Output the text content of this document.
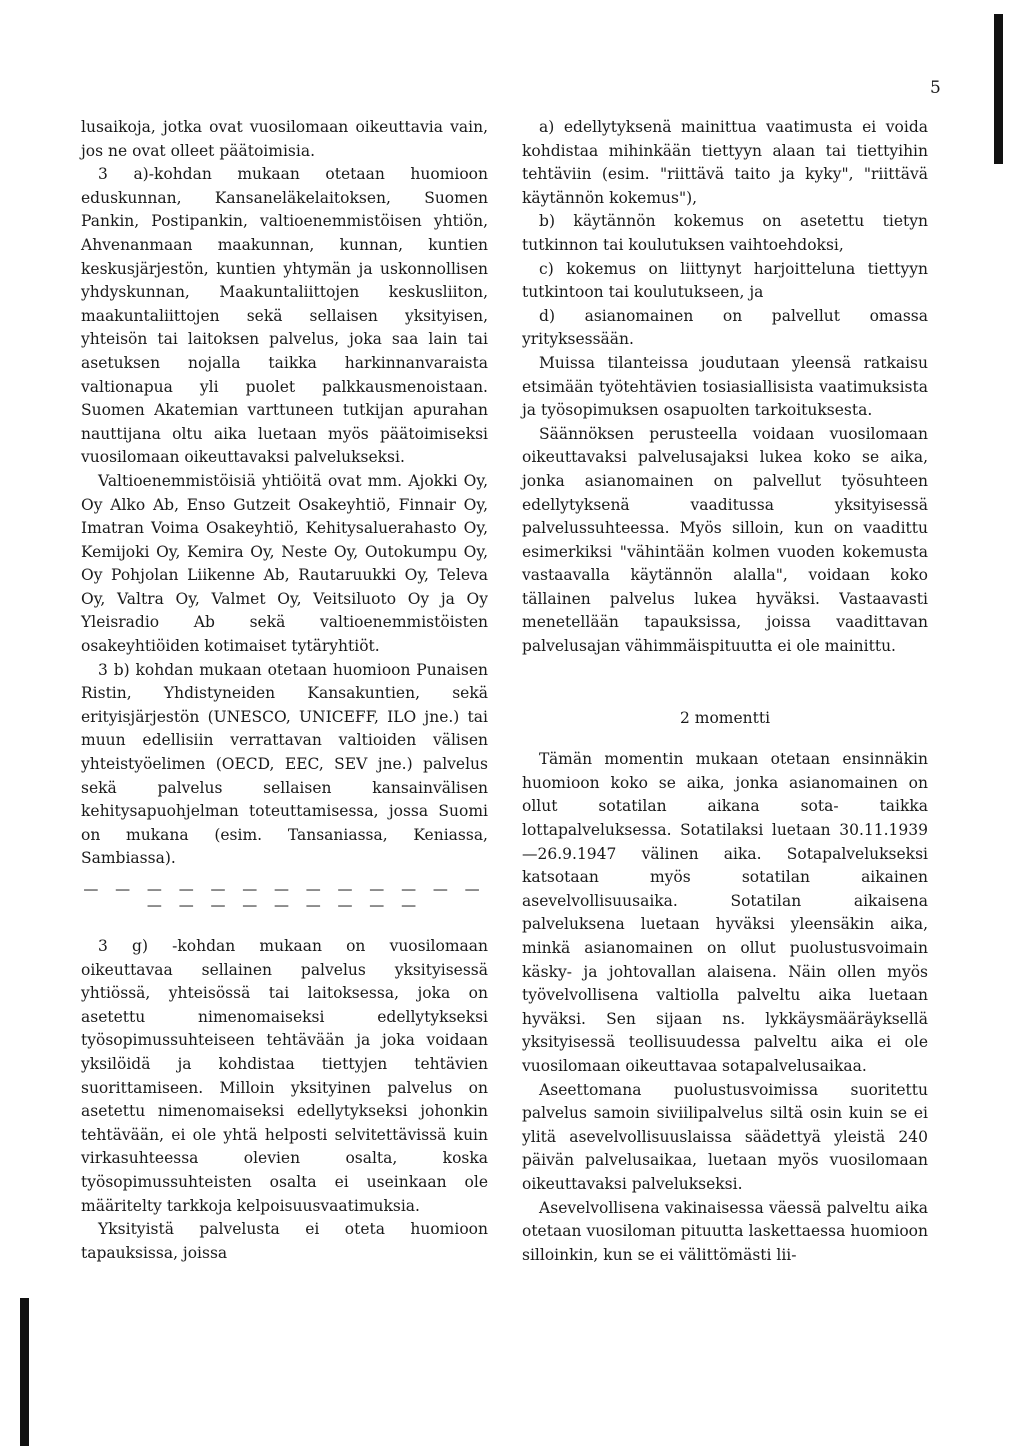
5

lusaikoja, jotka ovat vuosilomaan oikeuttavia vain, jos ne ovat olleet päätoimisia.

3 a)-kohdan mukaan otetaan huomioon eduskunnan, Kansaneläkelaitoksen, Suomen Pankin, Postipankin, valtioenemmistöisen yhtiön, Ahvenanmaan maakunnan, kunnan, kuntien keskusjärjestön, kuntien yhtymän ja uskonnollisen yhdyskunnan, Maakuntaliittojen keskusliiton, maakuntaliittojen sekä sellaisen yksityisen, yhteisön tai laitoksen palvelus, joka saa lain tai asetuksen nojalla taikka harkinnanvaraista valtionapua yli puolet palkkausmenoistaan. Suomen Akatemian varttuneen tutkijan apurahan nauttijana oltu aika luetaan myös päätoimiseksi vuosilomaan oikeuttavaksi palvelukseksi.

Valtioenemmistöisiä yhtiöitä ovat mm. Ajokki Oy, Oy Alko Ab, Enso Gutzeit Osakeyhtiö, Finnair Oy, Imatran Voima Osakeyhtiö, Kehitysaluerahasto Oy, Kemijoki Oy, Kemira Oy, Neste Oy, Outokumpu Oy, Oy Pohjolan Liikenne Ab, Rautaruukki Oy, Televa Oy, Valtra Oy, Valmet Oy, Veitsiluoto Oy ja Oy Yleisradio Ab sekä valtioenemmistöisten osakeyhtiöiden kotimaiset tytäryhtiöt.

3 b) kohdan mukaan otetaan huomioon Punaisen Ristin, Yhdistyneiden Kansakuntien, sekä erityisjärjestön (UNESCO, UNICEFF, ILO jne.) tai muun edellisiin verrattavan valtioiden välisen yhteistyöelimen (OECD, EEC, SEV jne.) palvelus sekä palvelus sellaisen kansainvälisen kehitysapuohjelman toteuttamisessa, jossa Suomi on mukana (esim. Tansaniassa, Keniassa, Sambiassa).

— — — — — — — — — — — — — — — — — — — — — —

3 g) -kohdan mukaan on vuosilomaan oikeuttavaa sellainen palvelus yksityisessä yhtiössä, yhteisössä tai laitoksessa, joka on asetettu nimenomaiseksi edellytykseksi työsopimussuhteiseen tehtävään ja joka voidaan yksilöidä ja kohdistaa tiettyjen tehtävien suorittamiseen. Milloin yksityinen palvelus on asetettu nimenomaiseksi edellytykseksi johonkin tehtävään, ei ole yhtä helposti selvitettävissä kuin virkasuhteessa olevien osalta, koska työsopimussuhteisten osalta ei useinkaan ole määritelty tarkkoja kelpoisuusvaatimuksia.

Yksityistä palvelusta ei oteta huomioon tapauksissa, joissa

a) edellytyksenä mainittua vaatimusta ei voida kohdistaa mihinkään tiettyyn alaan tai tiettyihin tehtäviin (esim. "riittävä taito ja kyky", "riittävä käytännön kokemus"),

b) käytännön kokemus on asetettu tietyn tutkinnon tai koulutuksen vaihtoehdoksi,

c) kokemus on liittynyt harjoitteluna tiettyyn tutkintoon tai koulutukseen, ja

d) asianomainen on palvellut omassa yrityksessään.

Muissa tilanteissa joudutaan yleensä ratkaisu etsimään työtehtävien tosiasiallisista vaatimuksista ja työsopimuksen osapuolten tarkoituksesta.

Säännöksen perusteella voidaan vuosilomaan oikeuttavaksi palvelusajaksi lukea koko se aika, jonka asianomainen on palvellut työsuhteen edellytyksenä vaaditussa yksityisessä palvelussuhteessa. Myös silloin, kun on vaadittu esimerkiksi "vähintään kolmen vuoden kokemusta vastaavalla käytännön alalla", voidaan koko tällainen palvelus lukea hyväksi. Vastaavasti menetellään tapauksissa, joissa vaadittavan palvelusajan vähimmäispituutta ei ole mainittu.

2 momentti

Tämän momentin mukaan otetaan ensinnäkin huomioon koko se aika, jonka asianomainen on ollut sotatilan aikana sota- taikka lottapalveluksessa. Sotatilaksi luetaan 30.11.1939—26.9.1947 välinen aika. Sotapalvelukseksi katsotaan myös sotatilan aikainen asevelvollisuusaika. Sotatilan aikaisena palveluksena luetaan hyväksi yleensäkin aika, minkä asianomainen on ollut puolustusvoimain käsky- ja johtovallan alaisena. Näin ollen myös työvelvollisena valtiolla palveltu aika luetaan hyväksi. Sen sijaan ns. lykkäysmääräyksellä yksityisessä teollisuudessa palveltu aika ei ole vuosilomaan oikeuttavaa sotapalvelusaikaa.

Aseettomana puolustusvoimissa suoritettu palvelus samoin siviilipalvelus siltä osin kuin se ei ylitä asevelvollisuuslaissa säädettyä yleistä 240 päivän palvelusaikaa, luetaan myös vuosilomaan oikeuttavaksi palvelukseksi.

Asevelvollisena vakinaisessa väessä palveltu aika otetaan vuosiloman pituutta laskettaessa huomioon silloinkin, kun se ei välittömästi lii-
